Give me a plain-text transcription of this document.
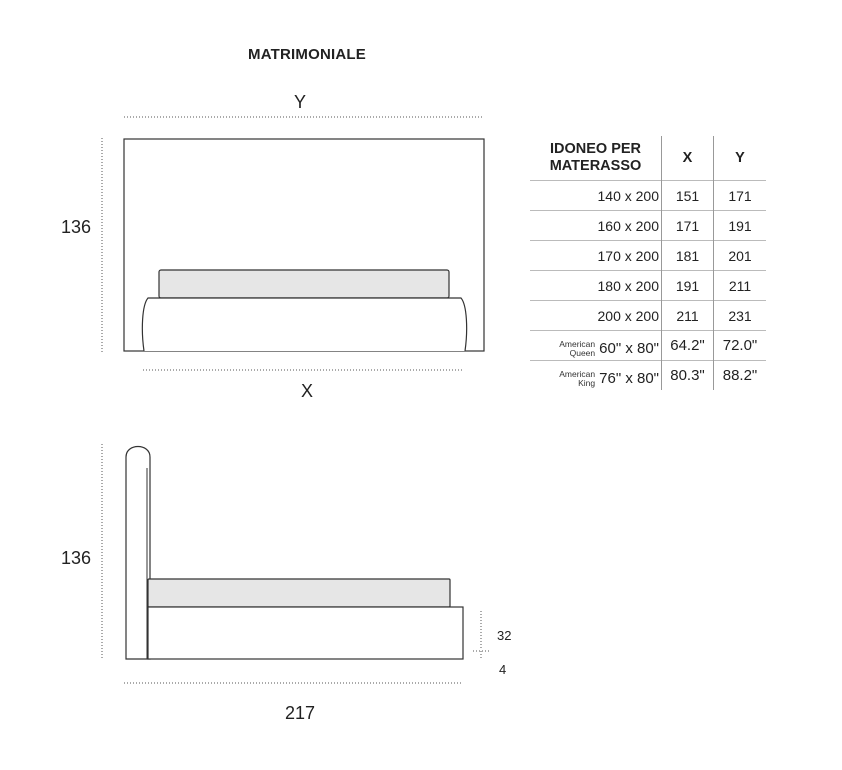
MATRIMONIALE
Y
136
X
136
217
32
4
IDONEO PER
MATERASSO	X	Y
140 x 200	151	171
160 x 200	171	191
170 x 200	181	201
180 x 200	191	211
200 x 200	211	231

American
Queen 60" x 80"	64.2"	72.0"

American
King 76" x 80"	80.3"	88.2"
